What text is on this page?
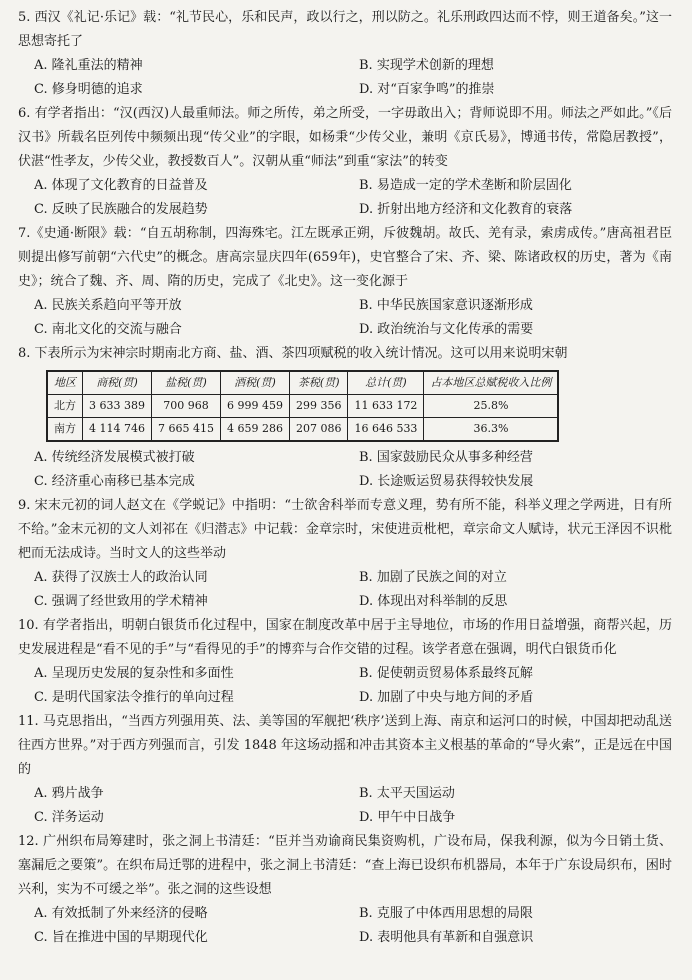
5. 西汉《礼记·乐记》载：“礼节民心，乐和民声，政以行之，刑以防之。礼乐刑政四达而不悖，则王道备矣。”这一思想寄托了
A. 隆礼重法的精神	B. 实现学术创新的理想
C. 修身明德的追求	D. 对“百家争鸣”的推崇
6. 有学者指出：“汉(西汉)人最重师法。师之所传，弟之所受，一字毋敢出入；背师说即不用。师法之严如此。”《后汉书》所载名臣列传中频频出现“传父业”的字眼，如杨秉“少传父业，兼明《京氏易》，博通书传，常隐居教授”，伏湛“性孝友，少传父业，教授数百人”。汉朝从重“师法”到重“家法”的转变
A. 体现了文化教育的日益普及	B. 易造成一定的学术垄断和阶层固化
C. 反映了民族融合的发展趋势	D. 折射出地方经济和文化教育的衰落
7.《史通·断限》载：“自五胡称制，四海殊宅。江左既承正朔，斥彼魏胡。故氏、羌有录，索虏成传。”唐高祖君臣则提出修写前朝“六代史”的概念。唐高宗显庆四年(659年)，史官整合了宋、齐、梁、陈诸政权的历史，著为《南史》；统合了魏、齐、周、隋的历史，完成了《北史》。这一变化源于
A. 民族关系趋向平等开放	B. 中华民族国家意识逐渐形成
C. 南北文化的交流与融合	D. 政治统治与文化传承的需要
8. 下表所示为宋神宗时期南北方商、盐、酒、茶四项赋税的收入统计情况。这可以用来说明宋朝
地区	商税(贯)	盐税(贯)	酒税(贯)	茶税(贯)	总计(贯)	占本地区总赋税收入比例
北方	3 633 389	700 968	6 999 459	299 356	11 633 172	25.8%
南方	4 114 746	7 665 415	4 659 286	207 086	16 646 533	36.3%
A. 传统经济发展模式被打破	B. 国家鼓励民众从事多种经营
C. 经济重心南移已基本完成	D. 长途贩运贸易获得较快发展
9. 宋末元初的词人赵文在《学蜕记》中指明：“士欲舍科举而专意义理，势有所不能，科举义理之学两进，日有所不给。”金末元初的文人刘祁在《归潜志》中记载：金章宗时，宋使进贡枇杷，章宗命文人赋诗，状元王泽因不识枇杷而无法成诗。当时文人的这些举动
A. 获得了汉族士人的政治认同	B. 加剧了民族之间的对立
C. 强调了经世致用的学术精神	D. 体现出对科举制的反思
10. 有学者指出，明朝白银货币化过程中，国家在制度改革中居于主导地位，市场的作用日益增强，商帮兴起，历史发展进程是“看不见的手”与“看得见的手”的博弈与合作交错的过程。该学者意在强调，明代白银货币化
A. 呈现历史发展的复杂性和多面性	B. 促使朝贡贸易体系最终瓦解
C. 是明代国家法令推行的单向过程	D. 加剧了中央与地方间的矛盾
11. 马克思指出，“当西方列强用英、法、美等国的军舰把‘秩序’送到上海、南京和运河口的时候，中国却把动乱送往西方世界。”对于西方列强而言，引发 1848 年这场动摇和冲击其资本主义根基的革命的“导火索”，正是远在中国的
A. 鸦片战争	B. 太平天国运动
C. 洋务运动	D. 甲午中日战争
12. 广州织布局筹建时，张之洞上书清廷：“臣并当劝谕商民集资购机，广设布局，保我利源，似为今日销土货、塞漏卮之要策”。在织布局迁鄂的进程中，张之洞上书清廷：“查上海已设织布机器局，本年于广东设局织布，困时兴利，实为不可缓之举”。张之洞的这些设想
A. 有效抵制了外来经济的侵略	B. 克服了中体西用思想的局限
C. 旨在推进中国的早期现代化	D. 表明他具有革新和自强意识
